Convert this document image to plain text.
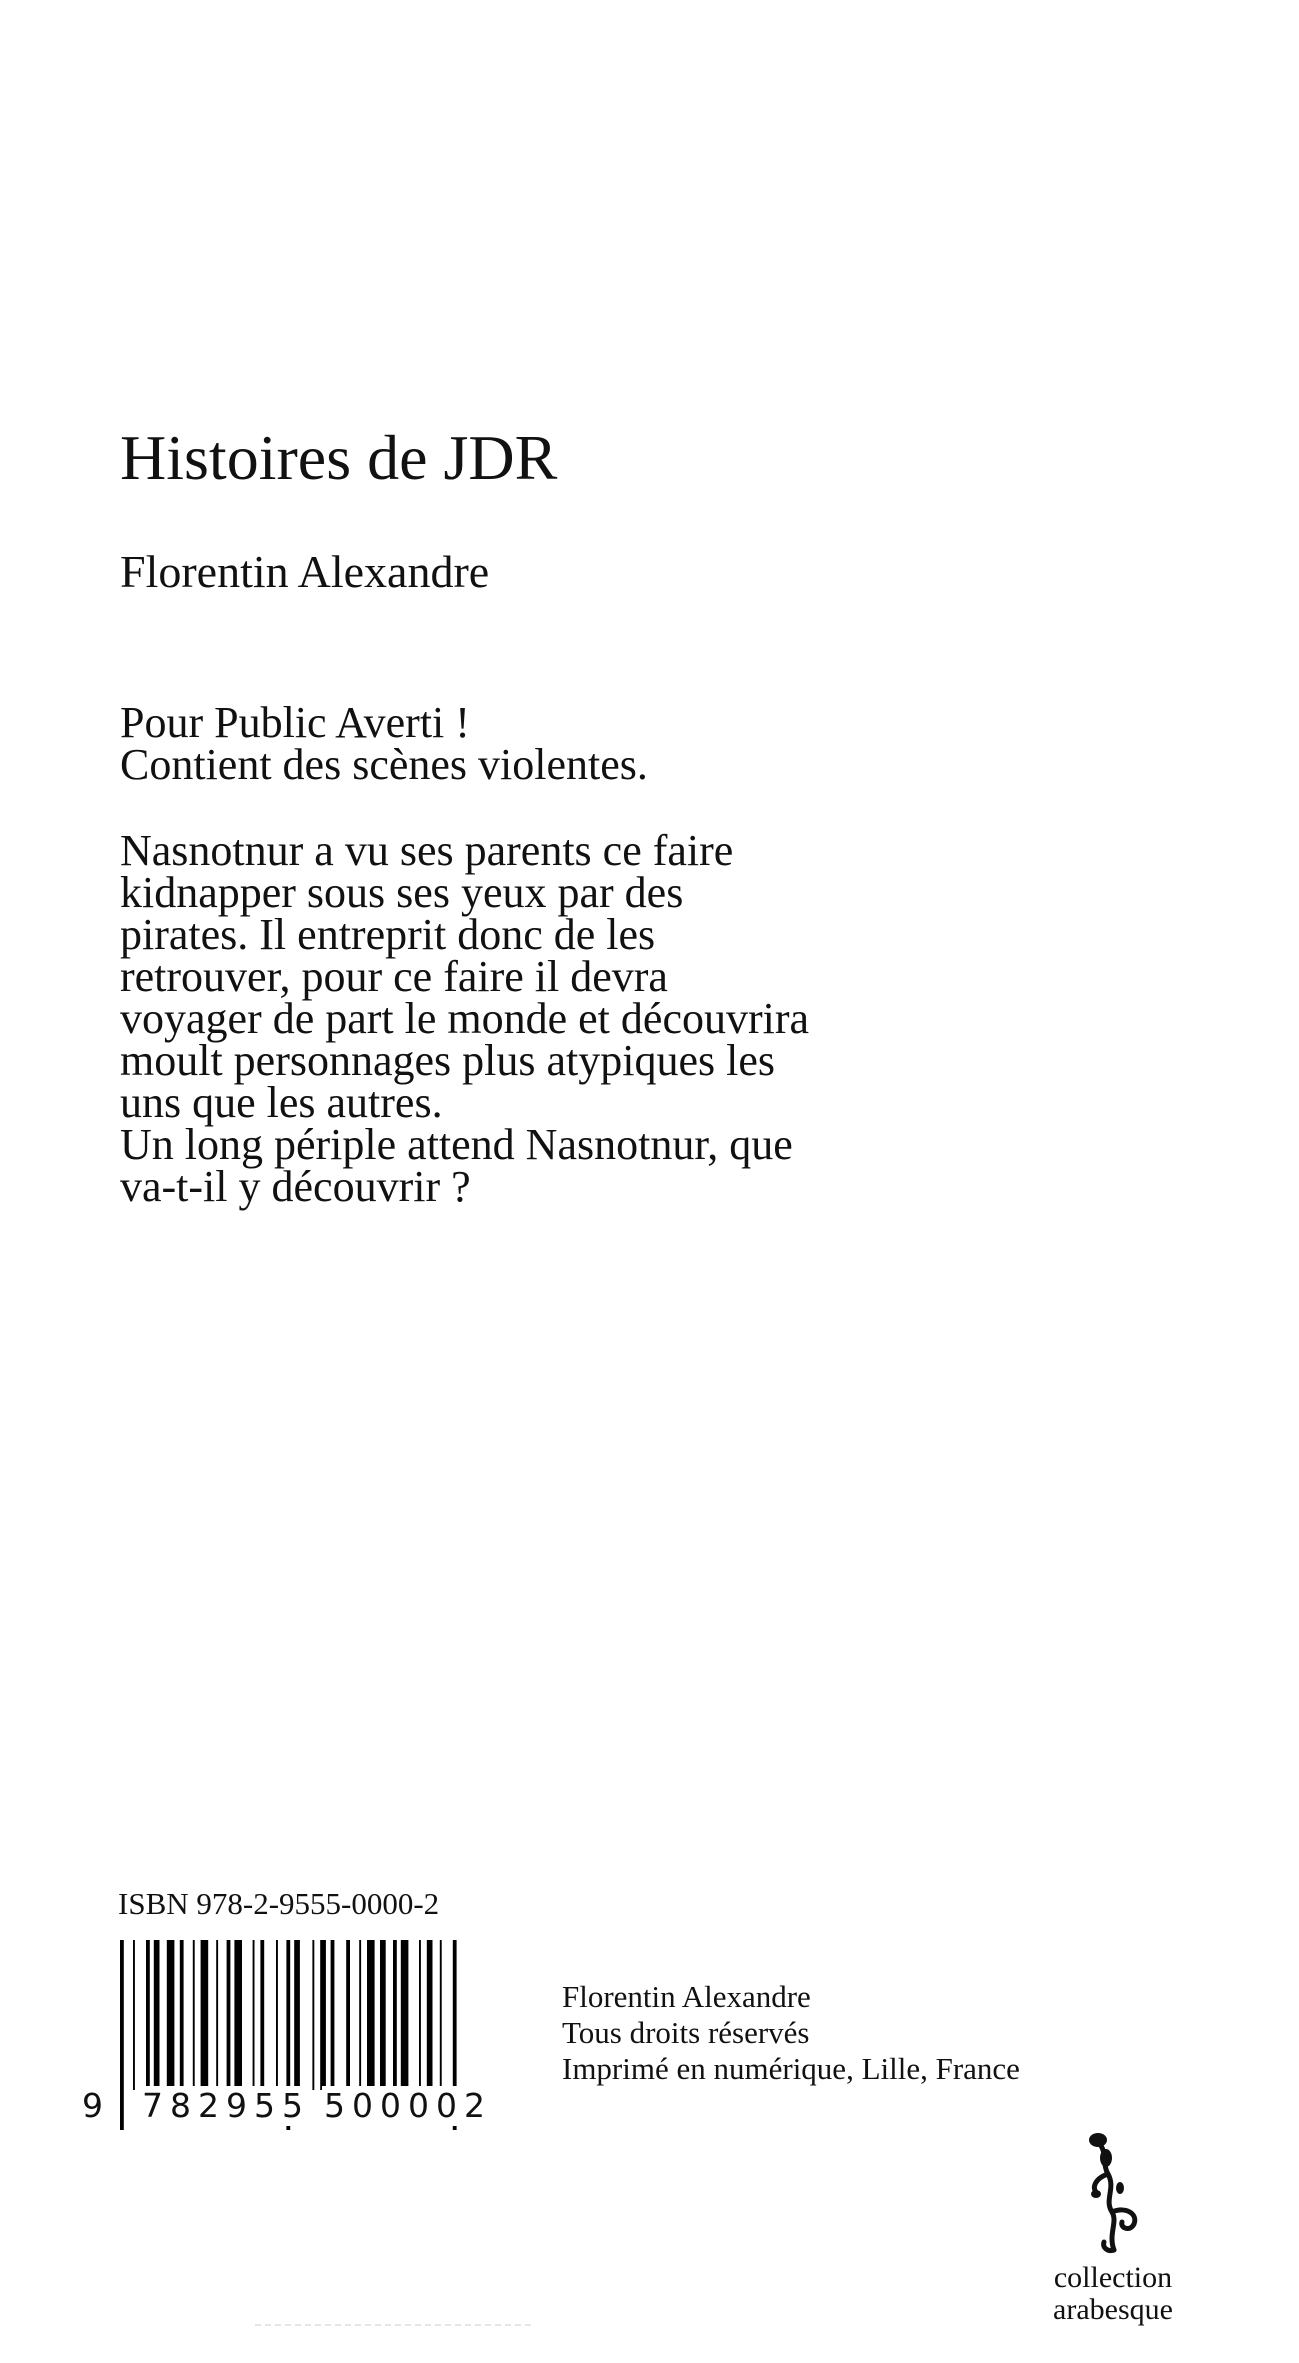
Histoires de JDR
Florentin Alexandre
Pour Public Averti !
Contient des scènes violentes.
Nasnotnur a vu ses parents ce faire
kidnapper sous ses yeux par des
pirates. Il entreprit donc de les
retrouver, pour ce faire il devra
voyager de part le monde et découvrira
moult personnages plus atypiques les
uns que les autres.
Un long périple attend Nasnotnur, que
va-t-il y découvrir ?
ISBN 978-2-9555-0000-2
9 782955 500002
Florentin Alexandre
Tous droits réservés
Imprimé en numérique, Lille, France
collection
arabesque
